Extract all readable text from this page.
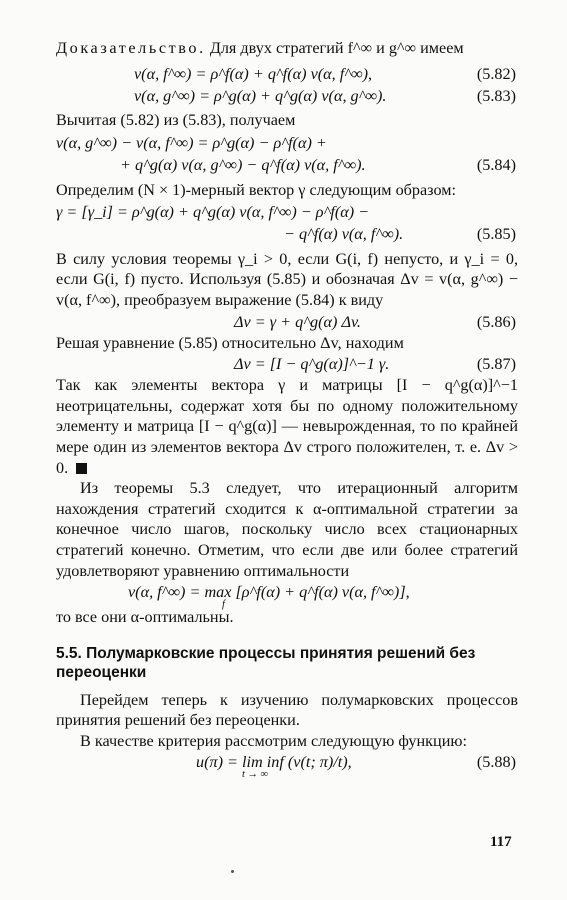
Доказательство. Для двух стратегий f^∞ и g^∞ имеем

v(α, f^∞) = ρ^f(α) + q^f(α) v(α, f^∞),	(5.82)
v(α, g^∞) = ρ^g(α) + q^g(α) v(α, g^∞).	(5.83)

Вычитая (5.82) из (5.83), получаем

v(α, g^∞) − v(α, f^∞) = ρ^g(α) − ρ^f(α) +
+ q^g(α) v(α, g^∞) − q^f(α) v(α, f^∞).	(5.84)

Определим (N × 1)-мерный вектор γ следующим образом:

γ = [γ_i] = ρ^g(α) + q^g(α) v(α, f^∞) − ρ^f(α) −
− q^f(α) v(α, f^∞).	(5.85)

В силу условия теоремы γ_i > 0, если G(i, f) непусто, и γ_i = 0, если G(i, f) пусто. Используя (5.85) и обозначая Δv = v(α, g^∞) − v(α, f^∞), преобразуем выражение (5.84) к виду

Δv = γ + q^g(α) Δv.	(5.86)

Решая уравнение (5.85) относительно Δv, находим

Δv = [I − q^g(α)]^−1 γ.	(5.87)

Так как элементы вектора γ и матрицы [I − q^g(α)]^−1 неотрицательны, содержат хотя бы по одному положительному элементу и матрица [I − q^g(α)] — невырожденная, то по крайней мере один из элементов вектора Δv строго положителен, т. е. Δv > 0.

Из теоремы 5.3 следует, что итерационный алгоритм нахождения стратегий сходится к α-оптимальной стратегии за конечное число шагов, поскольку число всех стационарных стратегий конечно. Отметим, что если две или более стратегий удовлетворяют уравнению оптимальности

v(α, f^∞) = max [ρ^f(α) + q^f(α) v(α, f^∞)],
f

то все они α-оптимальны.

5.5. Полумарковские процессы принятия решений без переоценки

Перейдем теперь к изучению полумарковских процессов принятия решений без переоценки.

В качестве критерия рассмотрим следующую функцию:

u(π) = lim inf (v(t; π)/t),
t → ∞
(5.88)
117
